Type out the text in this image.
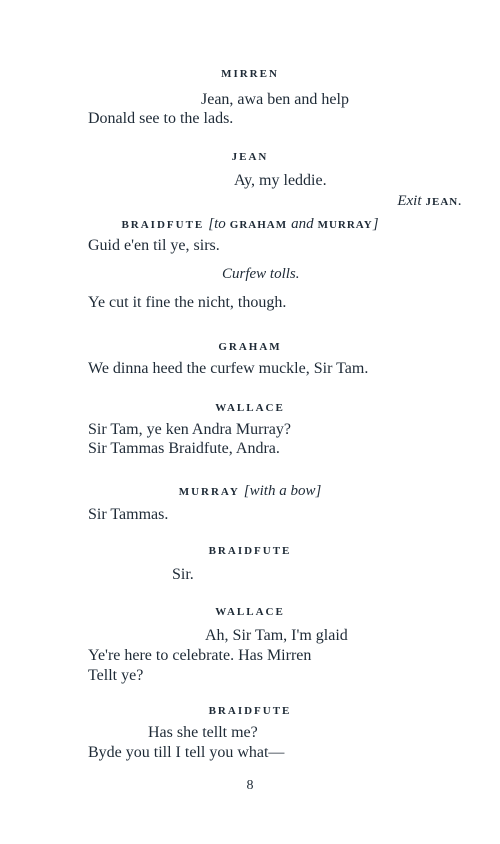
MIRREN
Jean, awa ben and help
Donald see to the lads.
JEAN
Ay, my leddie.
Exit JEAN.
BRAIDFUTE [to GRAHAM and MURRAY]
Guid e'en til ye, sirs.
Curfew tolls.
Ye cut it fine the nicht, though.
GRAHAM
We dinna heed the curfew muckle, Sir Tam.
WALLACE
Sir Tam, ye ken Andra Murray?
Sir Tammas Braidfute, Andra.
MURRAY [with a bow]
Sir Tammas.
BRAIDFUTE
Sir.
WALLACE
Ah, Sir Tam, I'm glaid
Ye're here to celebrate. Has Mirren
Tellt ye?
BRAIDFUTE
Has she tellt me?
Byde you till I tell you what—
8
